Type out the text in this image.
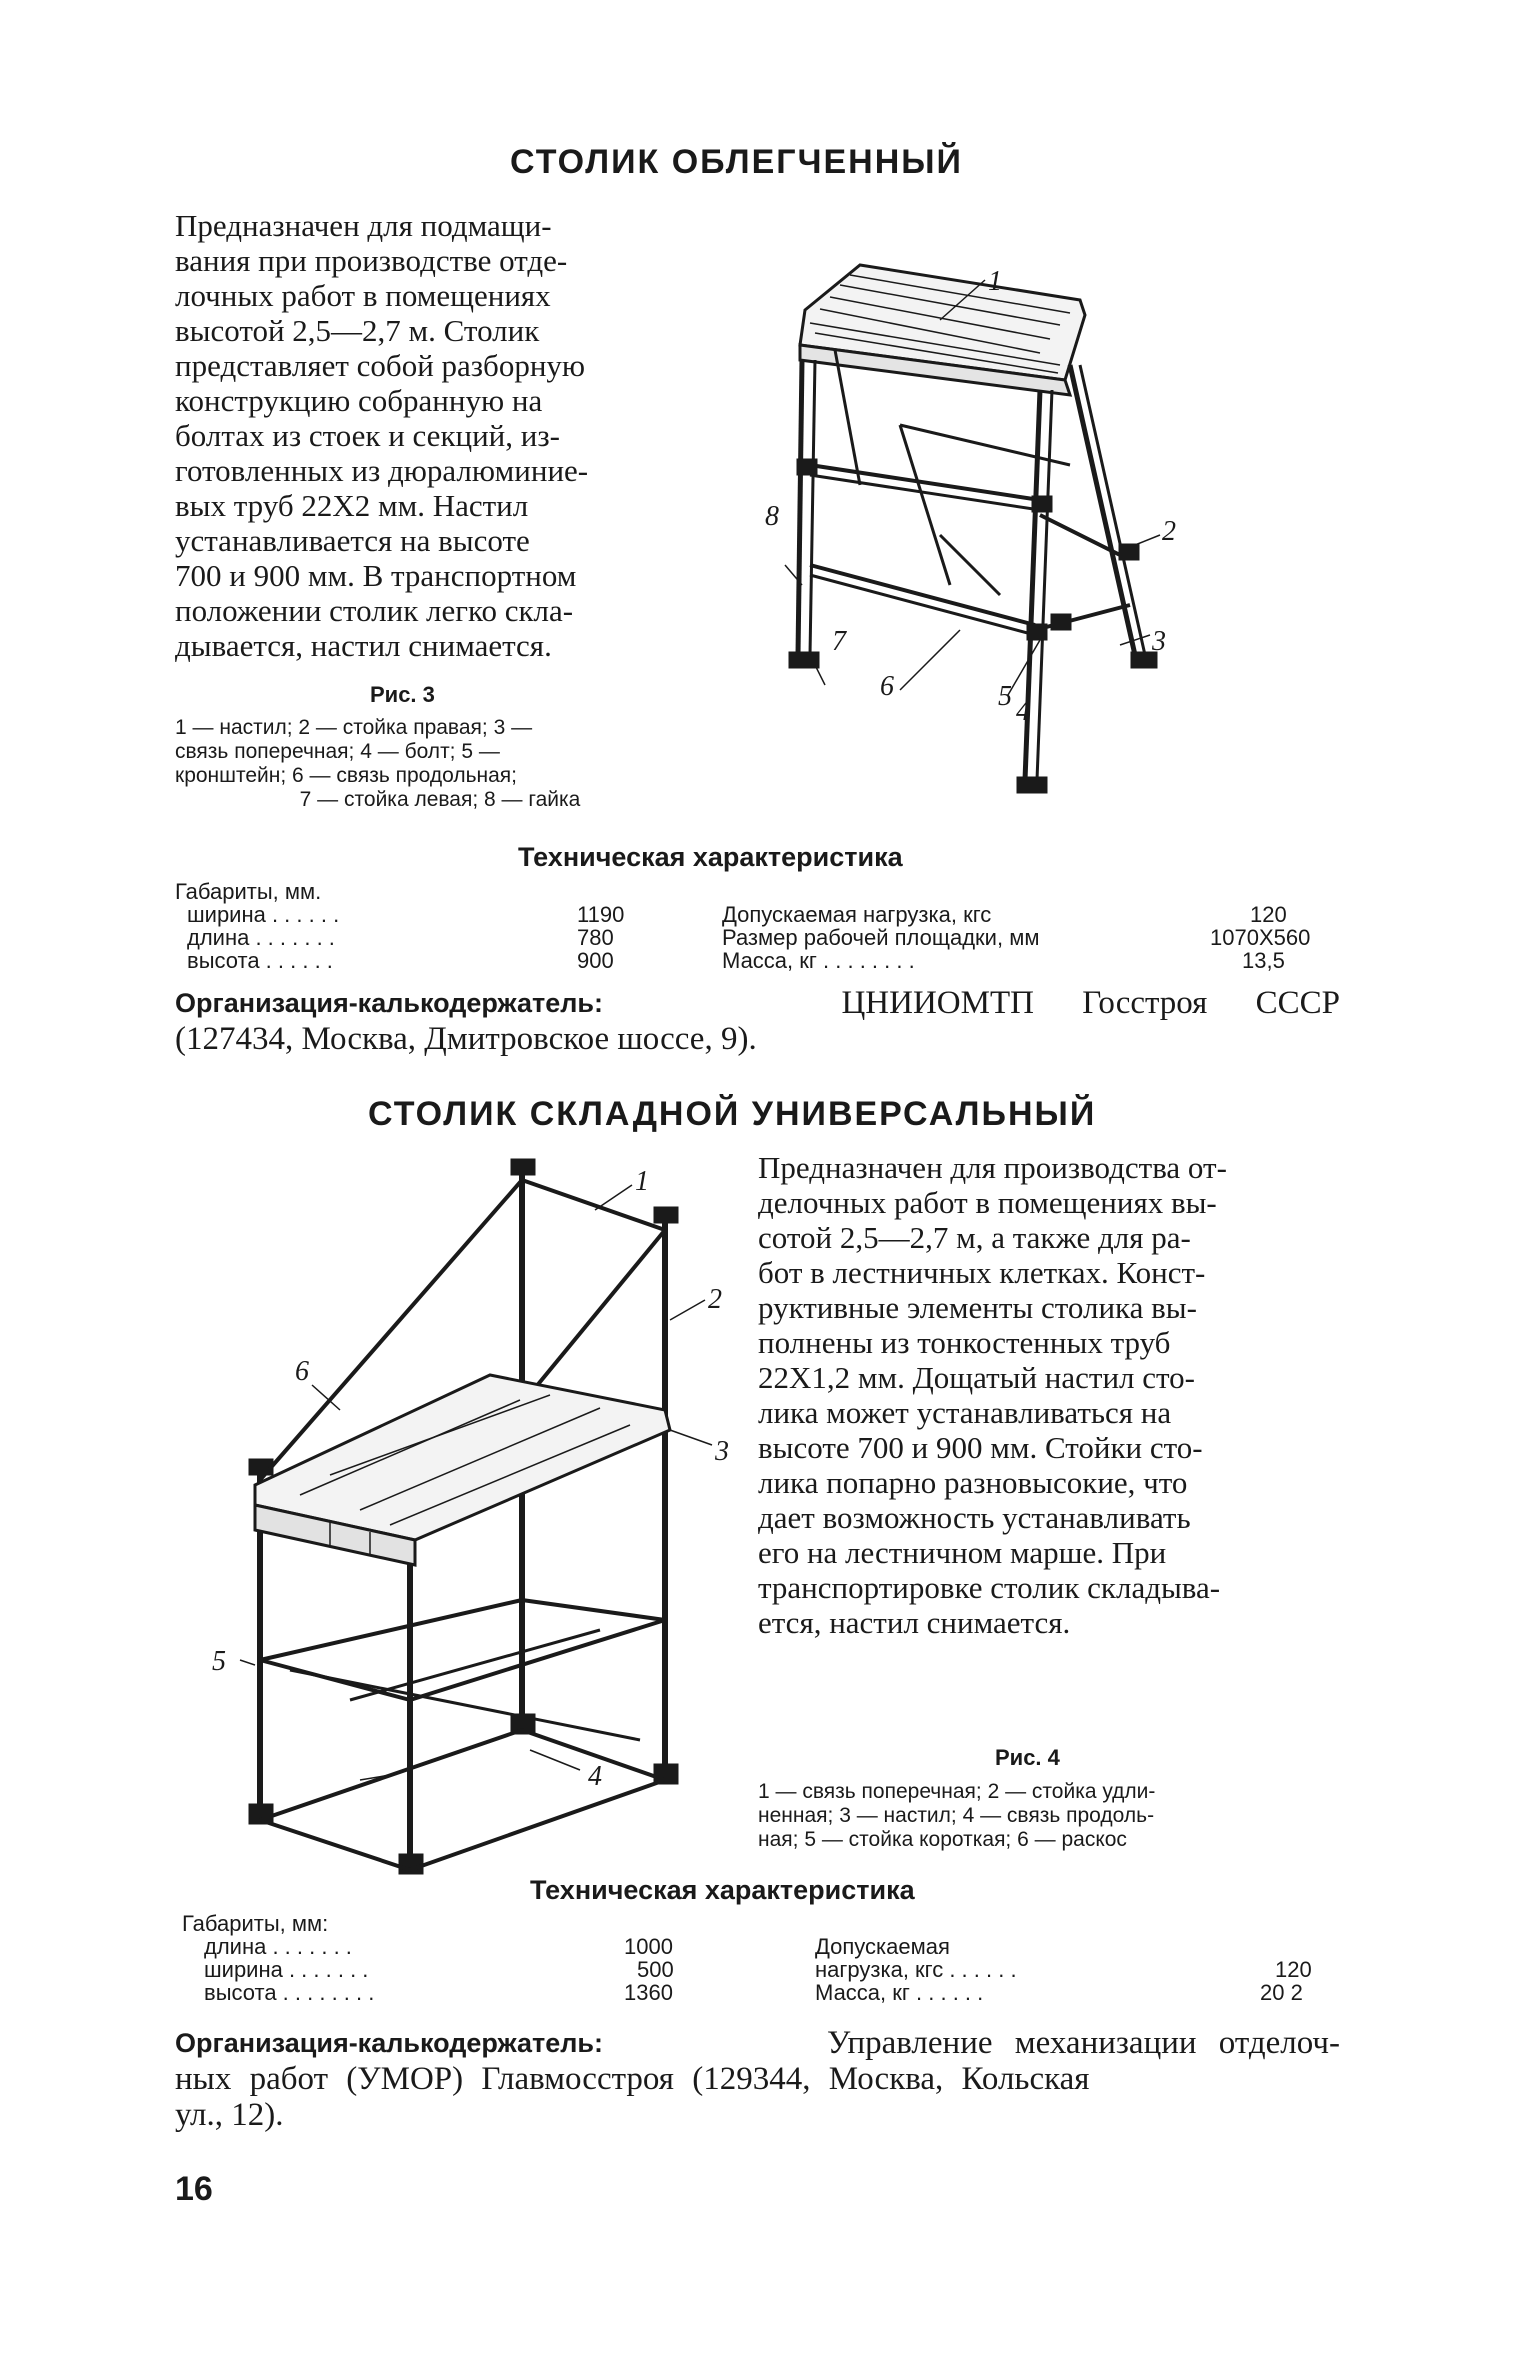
СТОЛИК ОБЛЕГЧЕННЫЙ
Предназначен для подмащи-
вания при производстве отде-
лочных работ в помещениях
высотой 2,5—2,7 м. Столик
представляет собой разборную
конструкцию собранную на
болтах из стоек и секций, из-
готовленных из дюралюминие-
вых труб 22X2 мм. Настил
устанавливается на высоте
700 и 900 мм. В транспортном
положении столик легко скла-
дывается, настил снимается.
Рис. 3
1 — настил; 2 — стойка правая; 3 —
связь поперечная; 4 — болт; 5 —
кронштейн; 6 — связь продольная;
7 — стойка левая; 8 — гайка
1
2
3
4
5
6
7
8
Техническая характеристика
Габариты, мм.
ширина . . . . . .	1190
длина . . . . . . .	780
высота . . . . . .	900
Допускаемая нагрузка, кгс	120
Размер рабочей площадки, мм	1070X560
Масса, кг . . . . . . . .	13,5
Организация-калькодержатель:	ЦНИИОМТП Госстроя СССР
(127434, Москва, Дмитровское шоссе, 9).
СТОЛИК СКЛАДНОЙ УНИВЕРСАЛЬНЫЙ
1
2
3
4
5
6
Предназначен для производства от-
делочных работ в помещениях вы-
сотой 2,5—2,7 м, а также для ра-
бот в лестничных клетках. Конст-
руктивные элементы столика вы-
полнены из тонкостенных труб
22X1,2 мм. Дощатый настил сто-
лика может устанавливаться на
высоте 700 и 900 мм. Стойки сто-
лика попарно разновысокие, что
дает возможность устанавливать
его на лестничном марше. При
транспортировке столик складыва-
ется, настил снимается.
Рис. 4
1 — связь поперечная; 2 — стойка удли-
ненная; 3 — настил; 4 — связь продоль-
ная; 5 — стойка короткая; 6 — раскос
Техническая характеристика
Габариты, мм:
длина . . . . . . .	1000
ширина . . . . . . .	500
высота . . . . . . . .	1360
Допускаемая
нагрузка, кгс . . . . . .	120
Масса, кг . . . . . .	20 2
Организация-калькодержатель:	Управление механизации отделоч-
ных работ (УМОР) Главмосстроя (129344, Москва, Кольская
ул., 12).
16
